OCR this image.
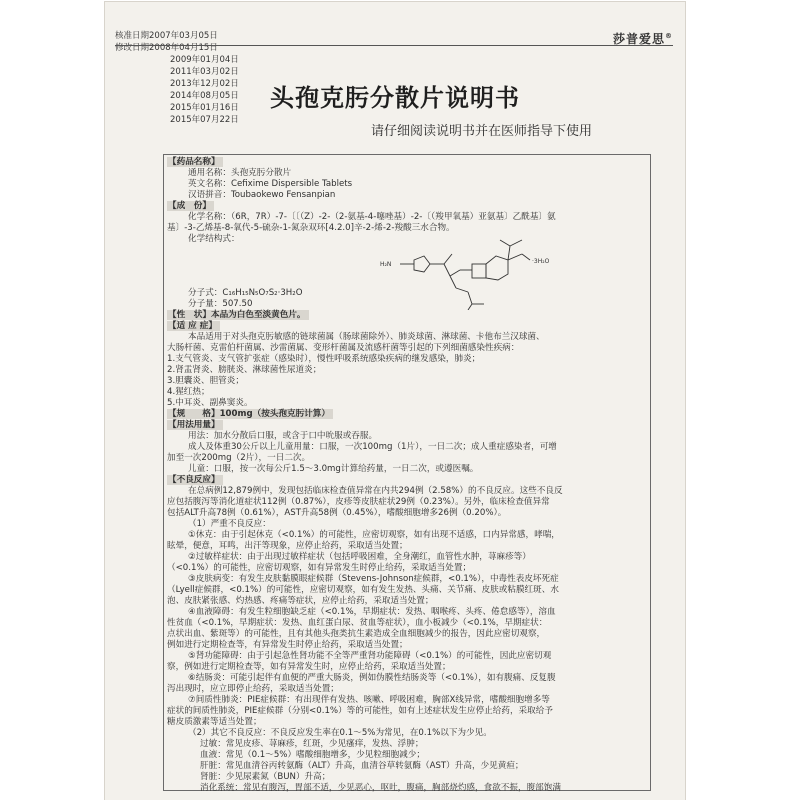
核准日期2007年03月05日
修改日期2008年04月15日
2009年01月04日
2011年03月02日
2013年12月02日
2014年08月05日
2015年01月16日
2015年07月22日
莎普爱思®
头孢克肟分散片说明书
请仔细阅读说明书并在医师指导下使用
【药品名称】
通用名称：头孢克肟分散片
英文名称：Cefixime Dispersible Tablets
汉语拼音：Toubaokewo Fensanpian
【成　份】
化学名称：（6R，7R）-7-〔〔（Z）-2-（2-氨基-4-噻唑基）-2-〔（羧甲氧基）亚氨基〕乙酰基〕氨
基〕-3-乙烯基-8-氧代-5-硫杂-1-氮杂双环[4.2.0]辛-2-烯-2-羧酸三水合物。
化学结构式：
H₂N	·3H₂O
分子式：C₁₆H₁₅N₅O₇S₂·3H₂O
分子量：507.50
【性　状】本品为白色至淡黄色片。
【适 应 症】
本品适用于对头孢克肟敏感的链球菌属（肠球菌除外）、肺炎球菌、淋球菌、卡他布兰汉球菌、
大肠杆菌、克雷伯杆菌属、沙雷菌属、变形杆菌属及流感杆菌等引起的下列细菌感染性疾病：
1.支气管炎、支气管扩张症（感染时），慢性呼吸系统感染疾病的继发感染，肺炎；
2.肾盂肾炎、膀胱炎、淋球菌性尿道炎；
3.胆囊炎、胆管炎；
4.猩红热；
5.中耳炎、副鼻窦炎。
【规　　格】100mg（按头孢克肟计算）
【用法用量】
用法：加水分散后口服，或含于口中吮服或吞服。
成人及体重30公斤以上儿童用量：口服，一次100mg（1片），一日二次；成人重症感染者，可增
加至一次200mg（2片），一日二次。
儿童：口服，按一次每公斤1.5～3.0mg计算给药量，一日二次，或遵医嘱。
【不良反应】
在总病例12,879例中，发现包括临床检查值异常在内共294例（2.58%）的不良反应。这些不良反
应包括腹泻等消化道症状112例（0.87%），皮疹等皮肤症状29例（0.23%）。另外，临床检查值异常
包括ALT升高78例（0.61%），AST升高58例（0.45%），嗜酸细胞增多26例（0.20%）。
（1）严重不良反应：
①休克：由于引起休克（<0.1%）的可能性，应密切观察，如有出现不适感，口内异常感，哮喘，
眩晕，便意，耳鸣，出汗等现象，应停止给药，采取适当处置；
②过敏样症状：由于出现过敏样症状（包括呼吸困难，全身潮红，血管性水肿，荨麻疹等）
（<0.1%）的可能性，应密切观察，如有异常发生时停止给药，采取适当处置；
③皮肤病变：有发生皮肤黏膜眼症候群（Stevens-Johnson症候群，<0.1%），中毒性表皮坏死症
（Lyell症候群，<0.1%）的可能性，应密切观察，如有发生发热、头痛、关节痛、皮肤或粘膜红斑、水
泡、皮肤紧张感、灼热感、疼痛等症状，应停止给药，采取适当处置；
④血液障碍：有发生粒细胞缺乏症（<0.1%，早期症状：发热、咽喉疼、头疼、倦怠感等），溶血
性贫血（<0.1%，早期症状：发热、血红蛋白尿、贫血等症状），血小板减少（<0.1%，早期症状：
点状出血、紫斑等）的可能性，且有其他头孢类抗生素造成全血细胞减少的报告，因此应密切观察，
例如进行定期检查等，有异常发生时停止给药，采取适当处置；
⑤肾功能障碍：由于引起急性肾功能不全等严重肾功能障碍（<0.1%）的可能性，因此应密切观
察，例如进行定期检查等，如有异常发生时，应停止给药，采取适当处置；
⑥结肠炎：可能引起伴有血便的严重大肠炎，例如伪膜性结肠炎等（<0.1%），如有腹痛、反复腹
泻出现时，应立即停止给药，采取适当处置；
⑦间质性肺炎：PIE症候群：有出现伴有发热、咳嗽、呼吸困难，胸部X线异常，嗜酸细胞增多等
症状的间质性肺炎，PIE症候群（分别<0.1%）等的可能性，如有上述症状发生应停止给药，采取给予
糖皮质激素等适当处置；
（2）其它不良反应：不良反应发生率在0.1～5%为常见，在0.1%以下为少见。
过敏：常见皮疹、荨麻疹，红斑，少见瘙痒，发热、浮肿；
血液：常见（0.1～5%）嗜酸细胞增多，少见粒细胞减少；
肝脏：常见血清谷丙转氨酶（ALT）升高，血清谷草转氨酶（AST）升高，少见黄疸；
肾脏：少见尿素氮（BUN）升高；
消化系统：常见有腹泻，胃部不适，少见恶心，呕吐，腹痛，胸部烧灼感，食欲不振，腹部饱满
